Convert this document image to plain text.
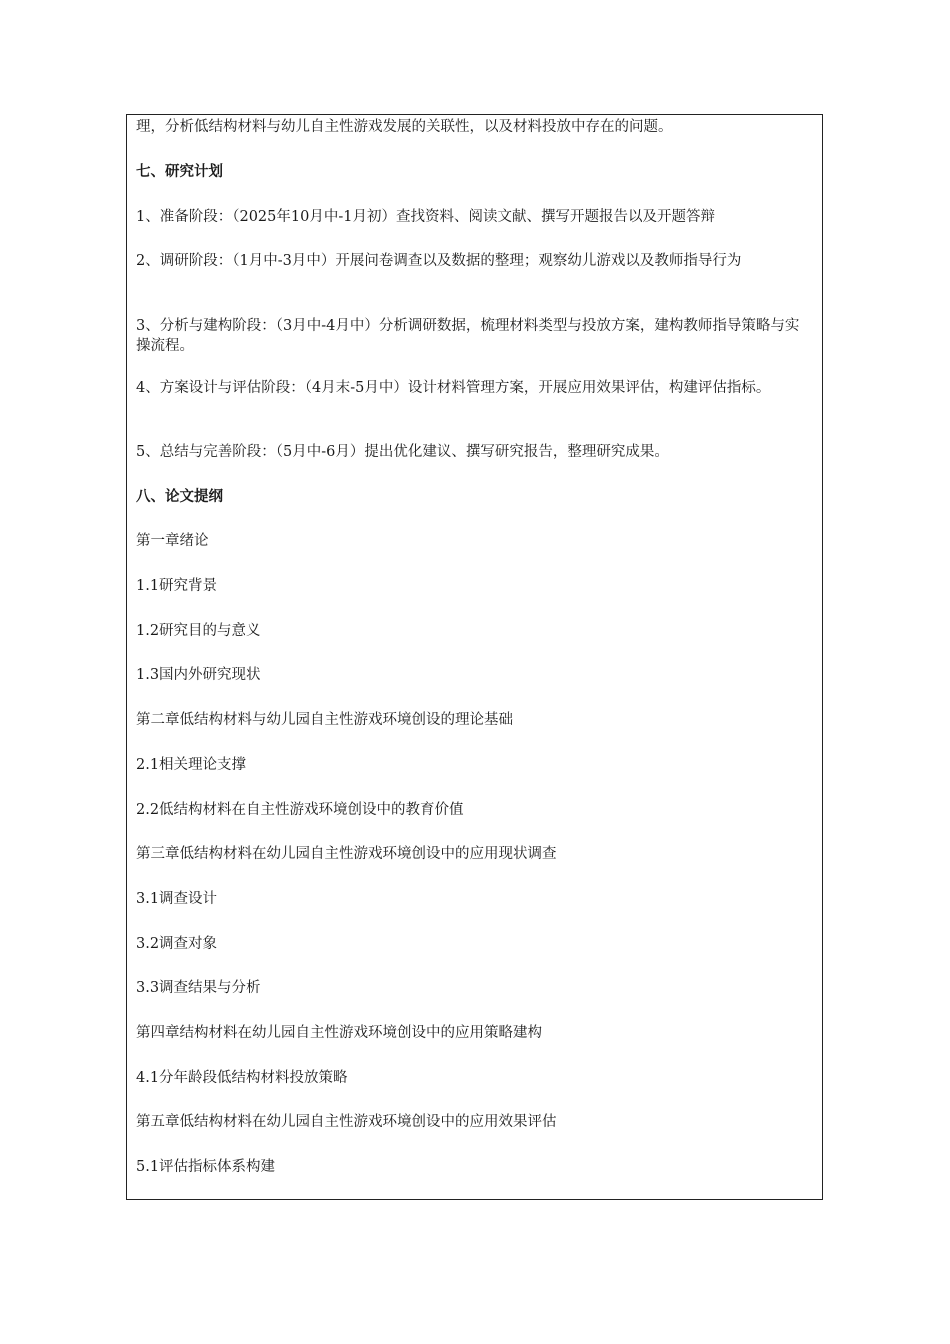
理，分析低结构材料与幼儿自主性游戏发展的关联性，以及材料投放中存在的问题。
七、研究计划
1、准备阶段：（2025年10月中-1月初）查找资料、阅读文献、撰写开题报告以及开题答辩
2、调研阶段：（1月中-3月中）开展问卷调查以及数据的整理；观察幼儿游戏以及教师指导行为
3、分析与建构阶段：（3月中-4月中）分析调研数据，梳理材料类型与投放方案，建构教师指导策略与实操流程。
4、方案设计与评估阶段：（4月末-5月中）设计材料管理方案，开展应用效果评估，构建评估指标。
5、总结与完善阶段：（5月中-6月）提出优化建议、撰写研究报告，整理研究成果。
八、论文提纲
第一章绪论
1.1研究背景
1.2研究目的与意义
1.3国内外研究现状
第二章低结构材料与幼儿园自主性游戏环境创设的理论基础
2.1相关理论支撑
2.2低结构材料在自主性游戏环境创设中的教育价值
第三章低结构材料在幼儿园自主性游戏环境创设中的应用现状调查
3.1调查设计
3.2调查对象
3.3调查结果与分析
第四章结构材料在幼儿园自主性游戏环境创设中的应用策略建构
4.1分年龄段低结构材料投放策略
第五章低结构材料在幼儿园自主性游戏环境创设中的应用效果评估
5.1评估指标体系构建
